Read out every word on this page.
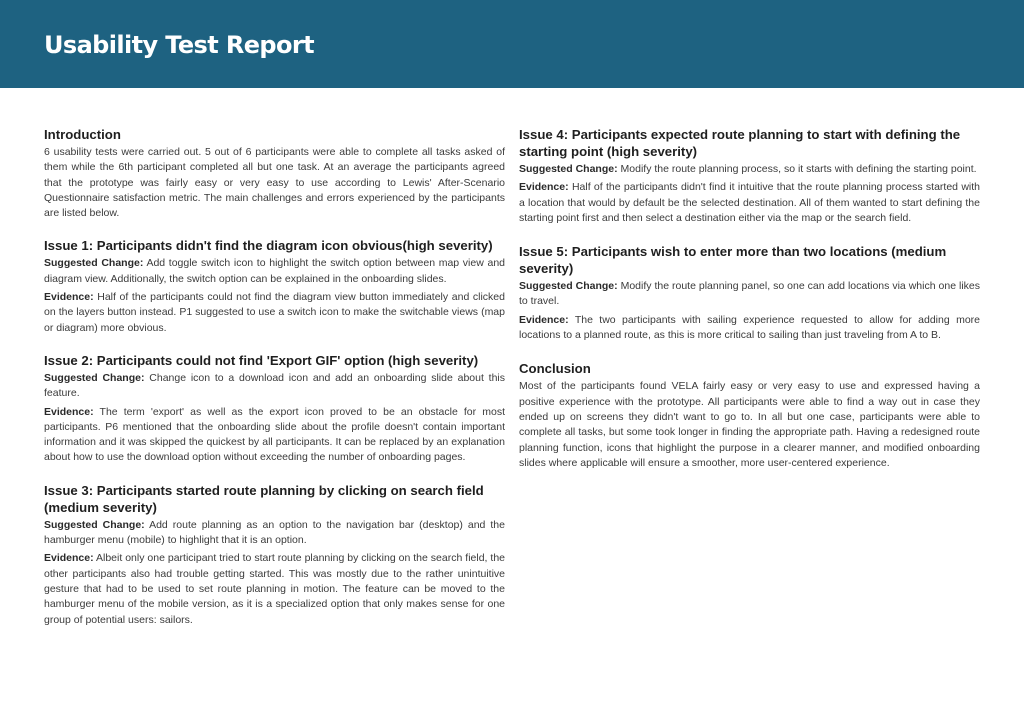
Usability Test Report
Introduction

6 usability tests were carried out. 5 out of 6 participants were able to complete all tasks asked of them while the 6th participant completed all but one task. At an average the participants agreed that the prototype was fairly easy or very easy to use according to Lewis' After-Scenario Questionnaire satisfaction metric. The main challenges and errors experienced by the participants are listed below.

Issue 1: Participants didn't find the diagram icon obvious(high severity)

Suggested Change: Add toggle switch icon to highlight the switch option between map view and diagram view. Additionally, the switch option can be explained in the onboarding slides.

Evidence: Half of the participants could not find the diagram view button immediately and clicked on the layers button instead. P1 suggested to use a switch icon to make the switchable views (map or diagram) more obvious.

Issue 2: Participants could not find 'Export GIF' option (high severity)

Suggested Change: Change icon to a download icon and add an onboarding slide about this feature.

Evidence: The term 'export' as well as the export icon proved to be an obstacle for most participants. P6 mentioned that the onboarding slide about the profile doesn't contain important information and it was skipped the quickest by all participants. It can be replaced by an explanation about how to use the download option without exceeding the number of onboarding pages.

Issue 3: Participants started route planning by clicking on search field (medium severity)

Suggested Change: Add route planning as an option to the navigation bar (desktop) and the hamburger menu (mobile) to highlight that it is an option.

Evidence: Albeit only one participant tried to start route planning by clicking on the search field, the other participants also had trouble getting started. This was mostly due to the rather unintuitive gesture that had to be used to set route planning in motion. The feature can be moved to the hamburger menu of the mobile version, as it is a specialized option that only makes sense for one group of potential users: sailors.

Issue 4: Participants expected route planning to start with defining the starting point (high severity)

Suggested Change: Modify the route planning process, so it starts with defining the starting point.

Evidence: Half of the participants didn't find it intuitive that the route planning process started with a location that would by default be the selected destination. All of them wanted to start defining the starting point first and then select a destination either via the map or the search field.

Issue 5: Participants wish to enter more than two locations (medium severity)

Suggested Change: Modify the route planning panel, so one can add locations via which one likes to travel.

Evidence: The two participants with sailing experience requested to allow for adding more locations to a planned route, as this is more critical to sailing than just traveling from A to B.

Conclusion

Most of the participants found VELA fairly easy or very easy to use and expressed having a positive experience with the prototype. All participants were able to find a way out in case they ended up on screens they didn't want to go to. In all but one case, participants were able to complete all tasks, but some took longer in finding the appropriate path. Having a redesigned route planning function, icons that highlight the purpose in a clearer manner, and modified onboarding slides where applicable will ensure a smoother, more user-centered experience.
